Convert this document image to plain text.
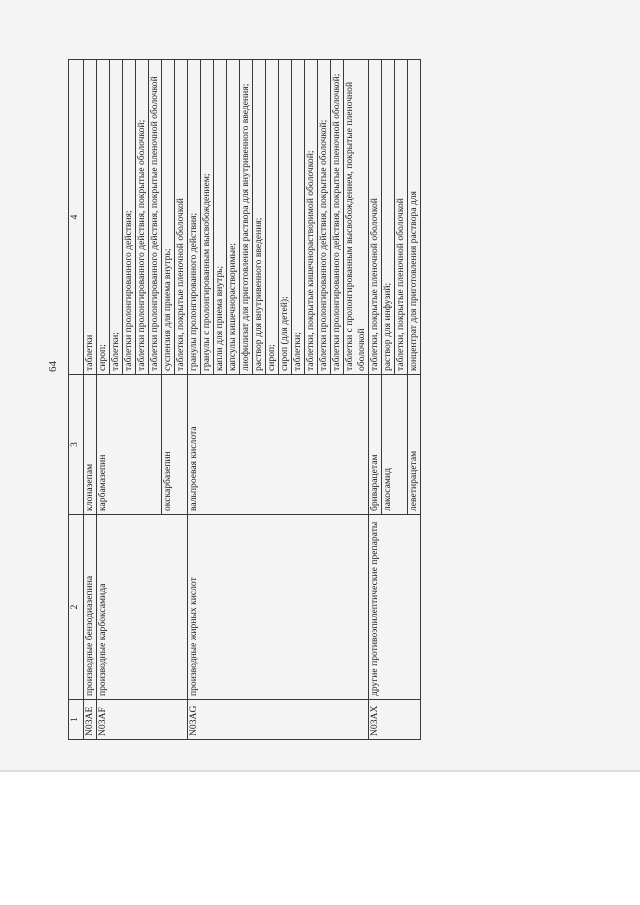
64
1	2	3	4
N03AE	производные бензодиазепина	клоназепам	таблетки
N03AF	производные карбоксамида	карбамазепин	сироп;
			таблетки;
			таблетки пролонгированного действия;
			таблетки пролонгированного действия, покрытые оболочкой;
			таблетки пролонгированного действия, покрытые пленочной оболочкой
		окскарбазепин	суспензия для приема внутрь;
			таблетки, покрытые пленочной оболочкой
N03AG	производные жирных кислот	вальпроевая кислота	гранулы пролонгированного действия;
			гранулы с пролонгированным высвобождением;
			капли для приема внутрь;
			капсулы кишечнорастворимые;
			лиофилизат для приготовления раствора для внутривенного введения;
			раствор для внутривенного введения;
			сироп;
			сироп (для детей);
			таблетки;
			таблетки, покрытые кишечнорастворимой оболочкой;
			таблетки пролонгированного действия, покрытые оболочкой;
			таблетки пролонгированного действия, покрытые пленочной оболочкой;
			таблетки с пролонгированным высвобождением, покрытые пленочной оболочкой
N03AX	другие противоэпилептические препараты	бриварацетам	таблетки, покрытые пленочной оболочкой
		лакосамид	раствор для инфузий;
			таблетки, покрытые пленочной оболочкой
		леветирацетам	концентрат для приготовления раствора для
